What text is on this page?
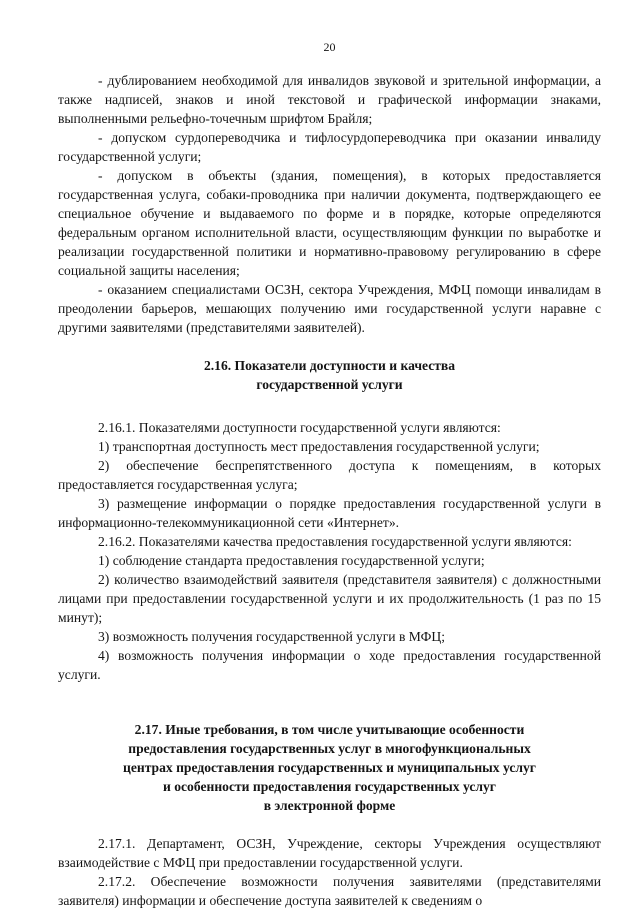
20

- дублированием необходимой для инвалидов звуковой и зрительной информации, а также надписей, знаков и иной текстовой и графической информации знаками, выполненными рельефно-точечным шрифтом Брайля;

- допуском сурдопереводчика и тифлосурдопереводчика при оказании инвалиду государственной услуги;

- допуском в объекты (здания, помещения), в которых предоставляется государственная услуга, собаки-проводника при наличии документа, подтверждающего ее специальное обучение и выдаваемого по форме и в порядке, которые определяются федеральным органом исполнительной власти, осуществляющим функции по выработке и реализации государственной политики и нормативно-правовому регулированию в сфере социальной защиты населения;

- оказанием специалистами ОСЗН, сектора Учреждения, МФЦ помощи инвалидам в преодолении барьеров, мешающих получению ими государственной услуги наравне с другими заявителями (представителями заявителей).

2.16. Показатели доступности и качества
государственной услуги

2.16.1. Показателями доступности государственной услуги являются:

1) транспортная доступность мест предоставления государственной услуги;

2) обеспечение беспрепятственного доступа к помещениям, в которых предоставляется государственная услуга;

3) размещение информации о порядке предоставления государственной услуги в информационно-телекоммуникационной сети «Интернет».

2.16.2. Показателями качества предоставления государственной услуги являются:

1) соблюдение стандарта предоставления государственной услуги;

2) количество взаимодействий заявителя (представителя заявителя) с должностными лицами при предоставлении государственной услуги и их продолжительность (1 раз по 15 минут);

3) возможность получения государственной услуги в МФЦ;

4) возможность получения информации о ходе предоставления государственной услуги.

2.17. Иные требования, в том числе учитывающие особенности
предоставления государственных услуг в многофункциональных
центрах предоставления государственных и муниципальных услуг
и особенности предоставления государственных услуг
в электронной форме

2.17.1. Департамент, ОСЗН, Учреждение, секторы Учреждения осуществляют взаимодействие с МФЦ при предоставлении государственной услуги.

2.17.2. Обеспечение возможности получения заявителями (представителями заявителя) информации и обеспечение доступа заявителей к сведениям о
